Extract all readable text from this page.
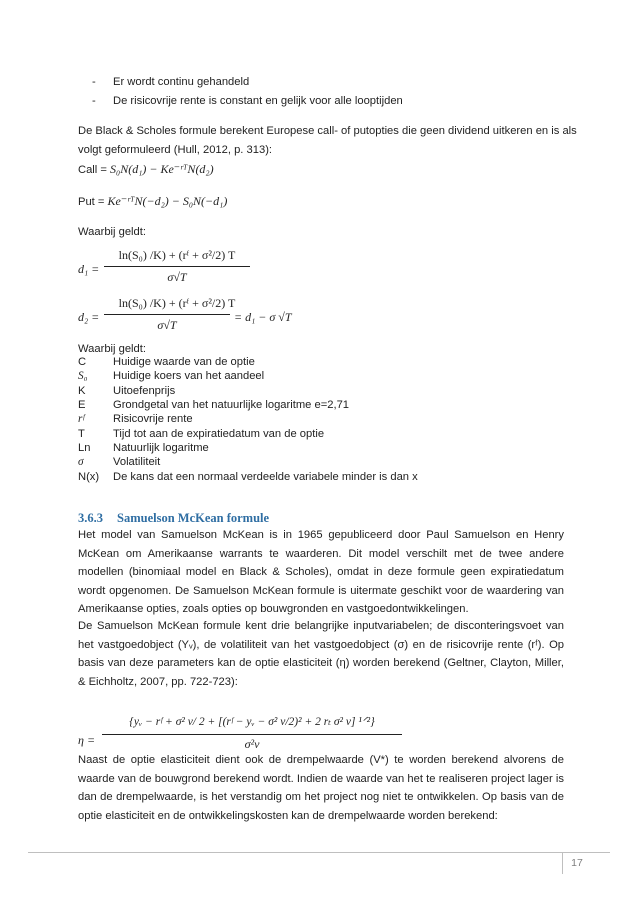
- Er wordt continu gehandeld
- De risicovrije rente is constant en gelijk voor alle looptijden
De Black & Scholes formule berekent Europese call- of putopties die geen dividend uitkeren en is als
volgt geformuleerd (Hull, 2012, p. 313):
Call = S₀N(d₁) − Ke⁻ʳᵀN(d₂)
Put = Ke⁻ʳᵀN(−d₂) − S₀N(−d₁)
Waarbij geldt:
d₁ =
ln(S₀) /K) + (rᶠ + σ²/2) T
σ√T
d₂ =
ln(S₀) /K) + (rᶠ + σ²/2) T
σ√T
= d₁ − σ √T
Waarbij geldt:
C Huidige waarde van de optie
S₀ Huidige koers van het aandeel
K Uitoefenprijs
E Grondgetal van het natuurlijke logaritme e=2,71
rᶠ	Risicovrije rente
T	Tijd tot aan de expiratiedatum van de optie
Ln Natuurlijk logaritme
σ	Volatiliteit
N(x) De kans dat een normaal verdeelde variabele minder is dan x
3.6.3 Samuelson McKean formule
Het model van Samuelson McKean is in 1965 gepubliceerd door Paul Samuelson en Henry McKean om Amerikaanse warrants te waarderen. Dit model verschilt met de twee andere modellen (binomiaal model en Black & Scholes), omdat in deze formule geen expiratiedatum wordt opgenomen. De Samuelson McKean formule is uitermate geschikt voor de waardering van Amerikaanse opties, zoals opties op bouwgronden en vastgoedontwikkelingen.
De Samuelson McKean formule kent drie belangrijke inputvariabelen; de disconteringsvoet van het vastgoedobject (Yᵥ), de volatiliteit van het vastgoedobject (σ) en de risicovrije rente (rᶠ). Op basis van deze parameters kan de optie elasticiteit (η) worden berekend (Geltner, Clayton, Miller, & Eichholtz, 2007, pp. 722-723):
η =
{yᵥ − rᶠ + σ² v/ 2 + [(rᶠ − yᵥ − σ² v/2)² + 2 rₜ σ² v] ¹ᐟ²}
σ²v
Naast de optie elasticiteit dient ook de drempelwaarde (V*) te worden berekend alvorens de waarde van de bouwgrond berekend wordt. Indien de waarde van het te realiseren project lager is dan de drempelwaarde, is het verstandig om het project nog niet te ontwikkelen. Op basis van de optie elasticiteit en de ontwikkelingskosten kan de drempelwaarde worden berekend:
17
